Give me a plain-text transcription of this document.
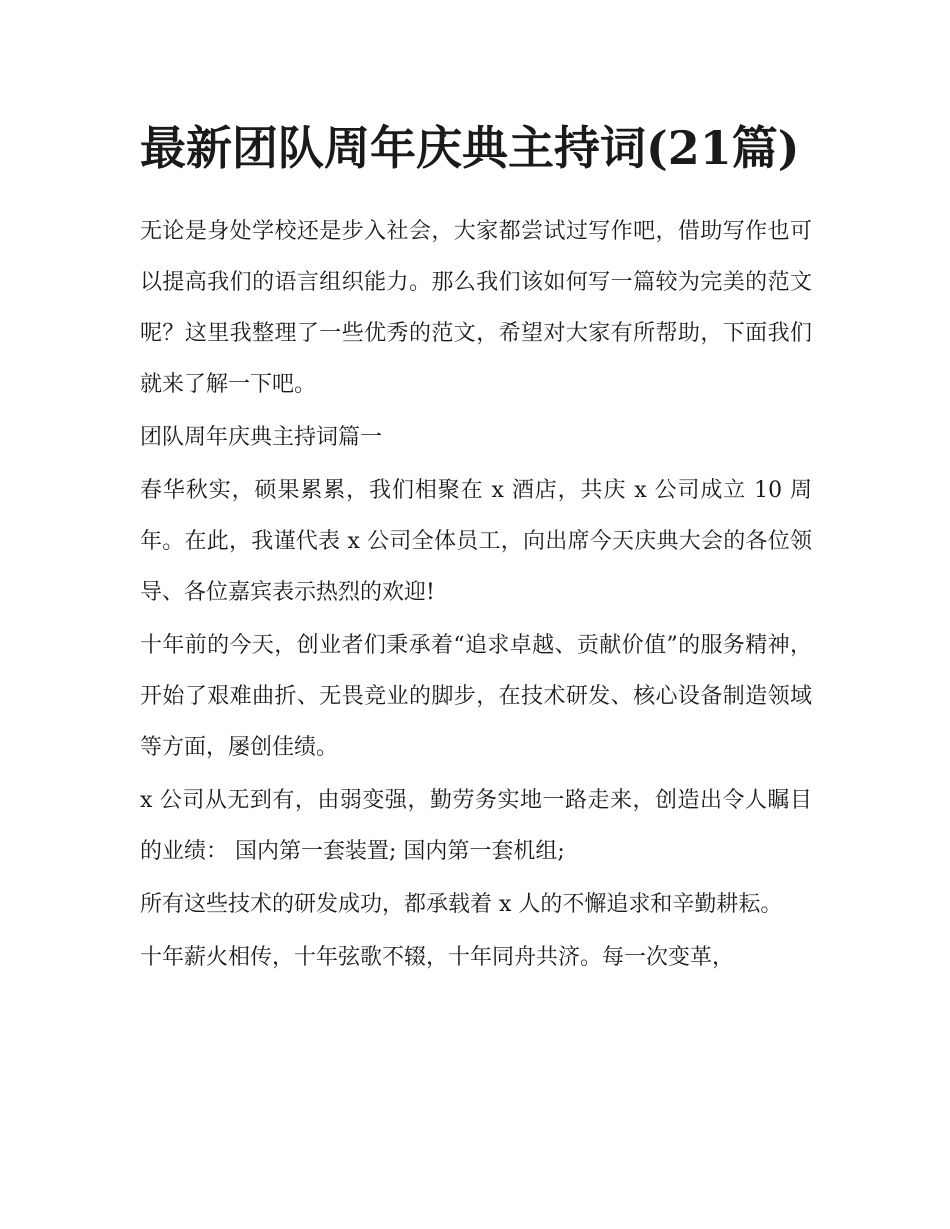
最新团队周年庆典主持词(21篇)

无论是身处学校还是步入社会，大家都尝试过写作吧，借助写作也可以提高我们的语言组织能力。那么我们该如何写一篇较为完美的范文呢？这里我整理了一些优秀的范文，希望对大家有所帮助，下面我们就来了解一下吧。

团队周年庆典主持词篇一

春华秋实，硕果累累，我们相聚在 x 酒店，共庆 x 公司成立 10 周年。在此，我谨代表 x 公司全体员工，向出席今天庆典大会的各位领导、各位嘉宾表示热烈的欢迎!

十年前的今天，创业者们秉承着“追求卓越、贡献价值”的服务精神，开始了艰难曲折、无畏竞业的脚步，在技术研发、核心设备制造领域等方面，屡创佳绩。

x 公司从无到有，由弱变强，勤劳务实地一路走来，创造出令人瞩目的业绩： 国内第一套装置; 国内第一套机组;

所有这些技术的研发成功，都承载着 x 人的不懈追求和辛勤耕耘。

十年薪火相传，十年弦歌不辍，十年同舟共济。每一次变革，
